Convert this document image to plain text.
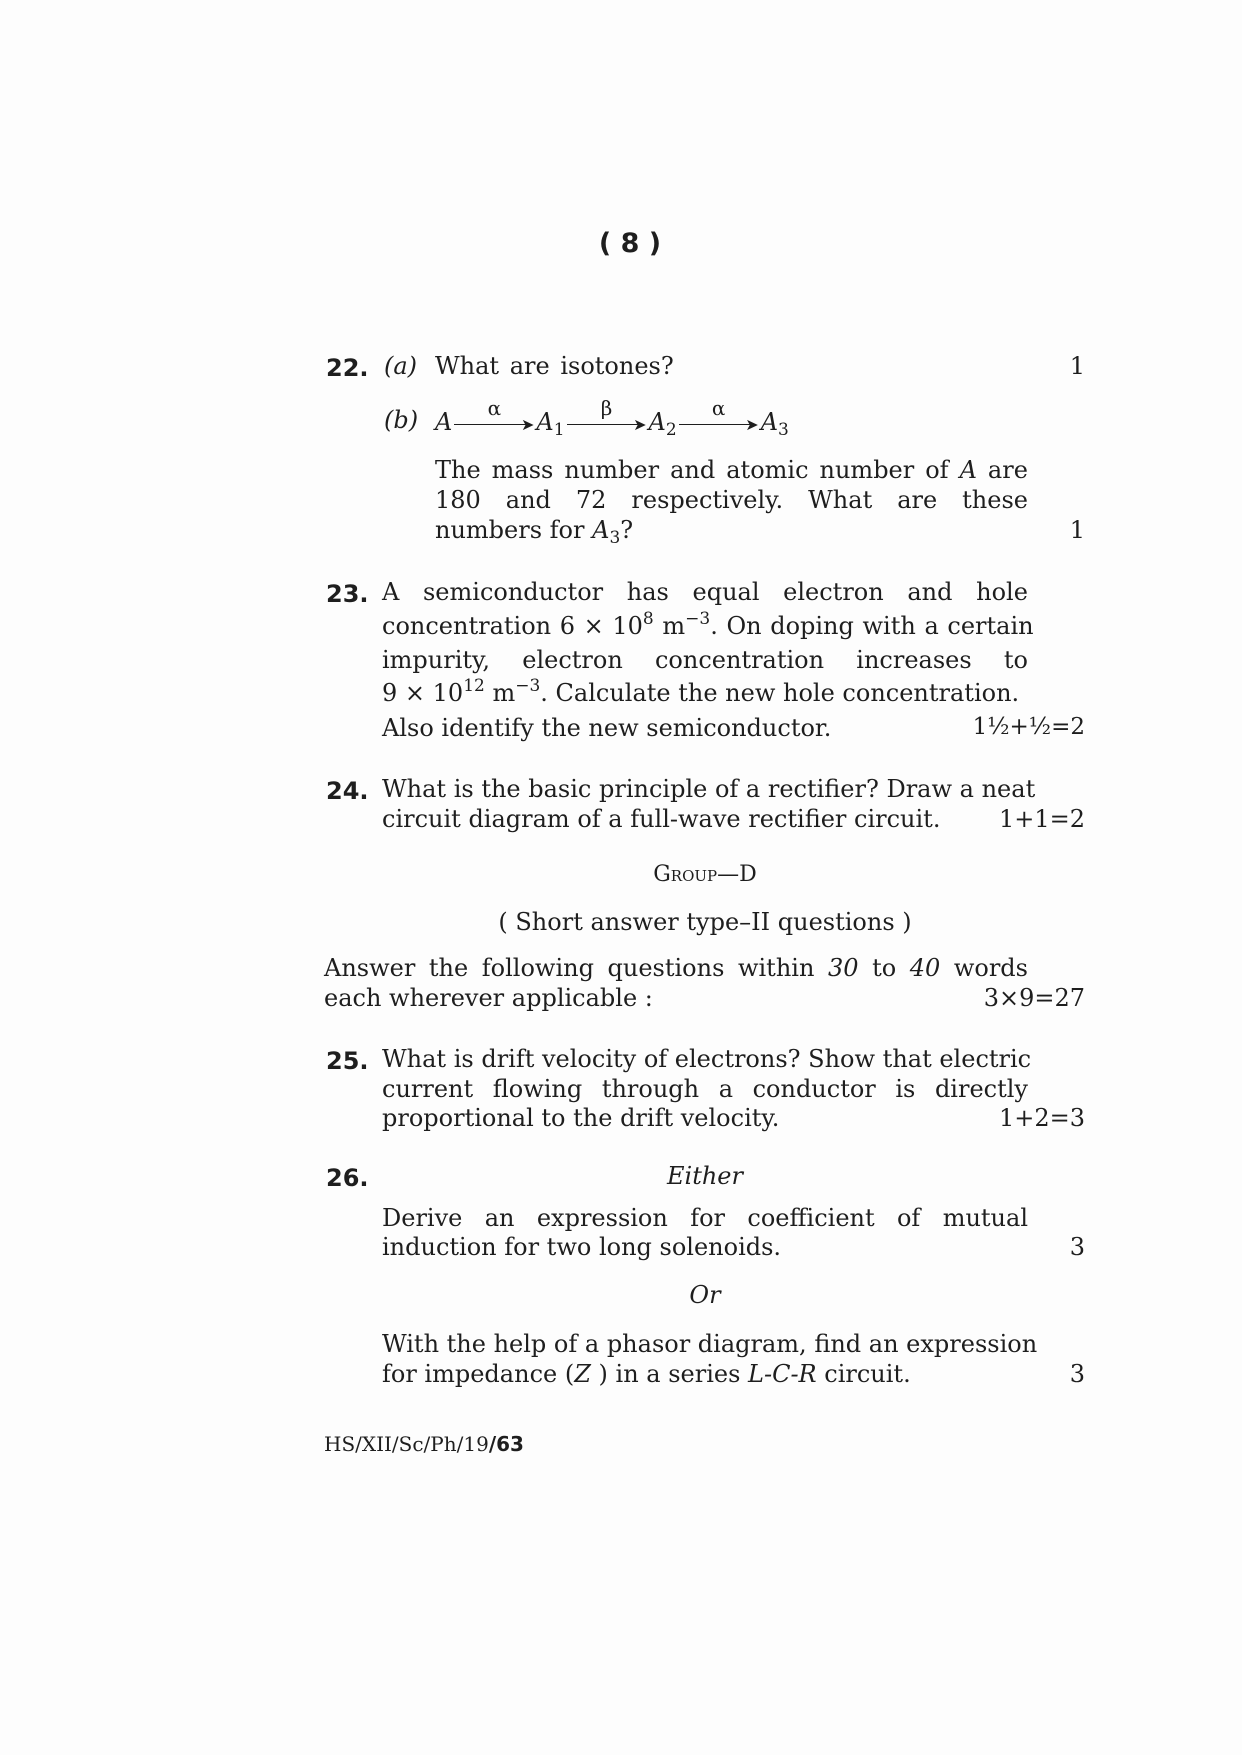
( 8 )
22. (a) What are isotones?	1
(b) A	➤
α
$A_1$	➤
β
$A_2$	➤
α
$A_3$
The mass number and atomic number of A are
180 and 72 respectively. What are these
numbers for $A_3$?	1
23. A semiconductor has equal electron and hole
concentration $6 \times 10^8$ $m^{-3}$. On doping with a certain
impurity, electron concentration increases to
$9 \times 10^{12}$ $m^{-3}$. Calculate the new hole concentration.
Also identify the new semiconductor.	1½+½=2
24. What is the basic principle of a rectifier? Draw a neat
circuit diagram of a full-wave rectifier circuit.	1+1=2
Group—D
( Short answer type–II questions )
Answer the following questions within 30 to 40 words
each wherever applicable :	3×9=27
25. What is drift velocity of electrons? Show that electric
current flowing through a conductor is directly
proportional to the drift velocity.	1+2=3
26.	Either
Derive an expression for coefficient of mutual
induction for two long solenoids.	3
Or
With the help of a phasor diagram, find an expression
for impedance (Z ) in a series L-C-R circuit.	3
HS/XII/Sc/Ph/19/63
